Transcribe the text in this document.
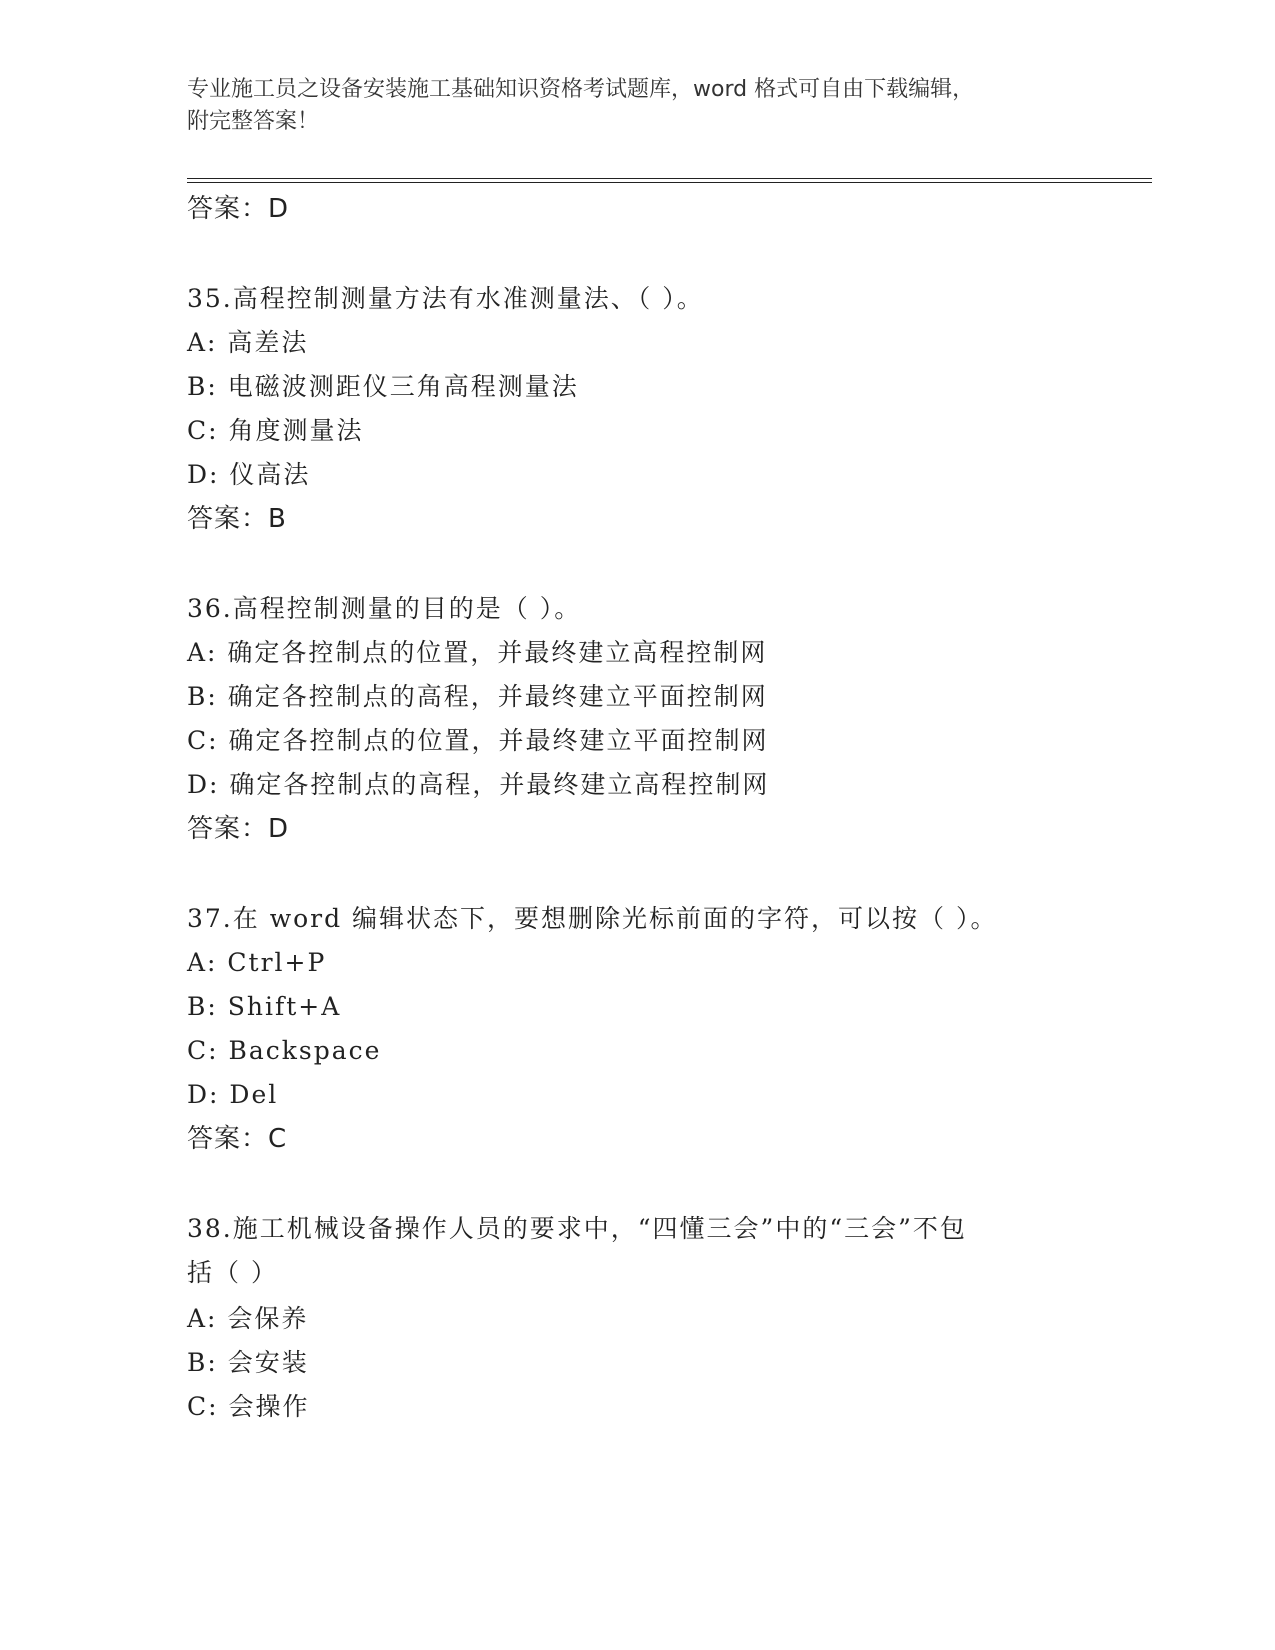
专业施工员之设备安装施工基础知识资格考试题库，word 格式可自由下载编辑，
附完整答案！
答案：D
35.高程控制测量方法有水准测量法、（ ）。
A: 高差法
B: 电磁波测距仪三角高程测量法
C: 角度测量法
D: 仪高法
答案：B
36.高程控制测量的目的是（ ）。
A: 确定各控制点的位置，并最终建立高程控制网
B: 确定各控制点的高程，并最终建立平面控制网
C: 确定各控制点的位置，并最终建立平面控制网
D: 确定各控制点的高程，并最终建立高程控制网
答案：D
37.在 word 编辑状态下，要想删除光标前面的字符，可以按（ ）。
A: Ctrl+P
B: Shift+A
C: Backspace
D: Del
答案：C
38.施工机械设备操作人员的要求中，“四懂三会”中的“三会”不包
括（ ）
A: 会保养
B: 会安装
C: 会操作
